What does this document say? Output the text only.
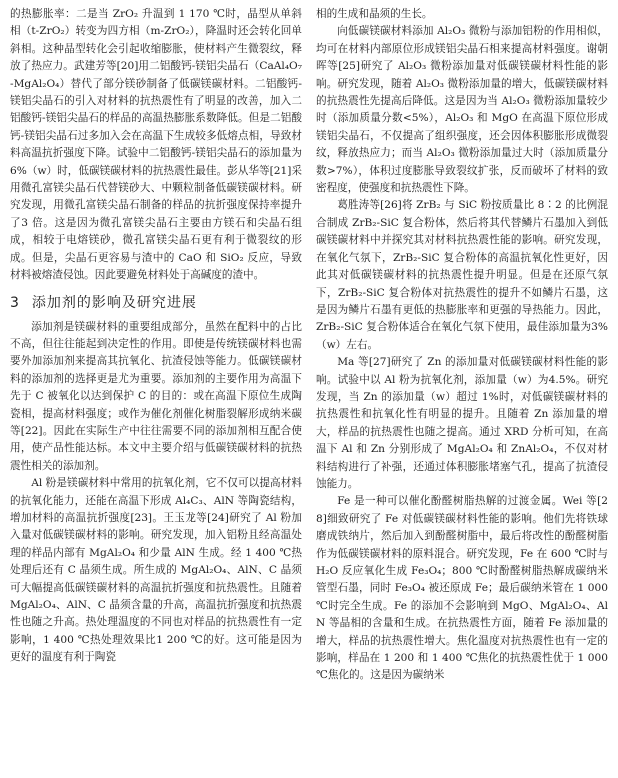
的热膨胀率：二是当 ZrO₂ 升温到 1 170 ℃时，晶型从单斜相（t-ZrO₂）转变为四方相（m-ZrO₂），降温时还会转化回单斜相。这种晶型转化会引起收缩膨胀，使材料产生微裂纹，释放了热应力。武建芳等[20]用二铝酸钙-镁铝尖晶石（CaAl₄O₇-MgAl₂O₄）替代了部分镁砂制备了低碳镁碳材料。二铝酸钙-镁铝尖晶石的引入对材料的抗热震性有了明显的改善，加入二铝酸钙-镁铝尖晶石的样品的高温热膨胀系数降低。但是二铝酸钙-镁铝尖晶石过多加入会在高温下生成较多低熔点相，导致材料高温抗折强度下降。试验中二铝酸钙-镁铝尖晶石的添加量为6%（w）时，低碳镁碳材料的抗热震性最佳。彭从华等[21]采用微孔富镁尖晶石代替镁砂大、中颗粒制备低碳镁碳材料。研究发现，用微孔富镁尖晶石制备的样品的抗折强度保持率提升了3 倍。这是因为微孔富镁尖晶石主要由方镁石和尖晶石组成，相较于电熔镁砂，微孔富镁尖晶石更有利于微裂纹的形成。但是，尖晶石更容易与渣中的 CaO 和 SiO₂ 反应，导致材料被熔渣侵蚀。因此要避免材料处于高碱度的渣中。

3 添加剂的影响及研究进展

添加剂是镁碳材料的重要组成部分，虽然在配料中的占比不高，但往往能起到决定性的作用。即使是传统镁碳材料也需要外加添加剂来提高其抗氧化、抗渣侵蚀等能力。低碳镁碳材料的添加剂的选择更是尤为重要。添加剂的主要作用为高温下先于 C 被氧化以达到保护 C 的目的：或在高温下原位生成陶瓷相，提高材料强度；或作为催化剂催化树脂裂解形成纳米碳等[22]。因此在实际生产中往往需要不同的添加剂相互配合使用，使产品性能达标。本文中主要介绍与低碳镁碳材料的抗热震性相关的添加剂。

Al 粉是镁碳材料中常用的抗氧化剂，它不仅可以提高材料的抗氧化能力，还能在高温下形成 Al₄C₃、AlN 等陶瓷结构，增加材料的高温抗折强度[23]。王玉龙等[24]研究了 Al 粉加入量对低碳镁碳材料的影响。研究发现，加入铝粉且经高温处理的样品内部有 MgAl₂O₄ 和少量 AlN 生成。经 1 400 ℃热处理后还有 C 晶须生成。所生成的 MgAl₂O₄、AlN、C 晶须可大幅提高低碳镁碳材料的高温抗折强度和抗热震性。且随着 MgAl₂O₄、AlN、C 晶须含量的升高，高温抗折强度和抗热震性也随之升高。热处理温度的不同也对样品的抗热震性有一定影响，1 400 ℃热处理效果比1 200 ℃的好。这可能是因为更好的温度有利于陶瓷

相的生成和晶须的生长。

向低碳镁碳材料添加 Al₂O₃ 微粉与添加铝粉的作用相似，均可在材料内部原位形成镁铝尖晶石相来提高材料强度。谢朝晖等[25]研究了 Al₂O₃ 微粉添加量对低碳镁碳材料性能的影响。研究发现，随着 Al₂O₃ 微粉添加量的增大，低碳镁碳材料的抗热震性先提高后降低。这是因为当 Al₂O₃ 微粉添加量较少时（添加质量分数<5%），Al₂O₃ 和 MgO 在高温下原位形成镁铝尖晶石，不仅提高了组织强度，还会因体积膨胀形成微裂纹，释放热应力；而当 Al₂O₃ 微粉添加量过大时（添加质量分数>7%），体积过度膨胀导致裂纹扩张，反而破坏了材料的致密程度，使强度和抗热震性下降。

葛胜涛等[26]将 ZrB₂ 与 SiC 粉按质量比 8∶2 的比例混合制成 ZrB₂-SiC 复合粉体，然后将其代替鳞片石墨加入到低碳镁碳材料中并探究其对材料抗热震性能的影响。研究发现，在氧化气氛下，ZrB₂-SiC 复合粉体的高温抗氧化性更好，因此其对低碳镁碳材料的抗热震性提升明显。但是在还原气氛下，ZrB₂-SiC 复合粉体对抗热震性的提升不如鳞片石墨，这是因为鳞片石墨有更低的热膨胀率和更强的导热能力。因此，ZrB₂-SiC 复合粉体适合在氧化气氛下使用，最佳添加量为3%（w）左右。

Ma 等[27]研究了 Zn 的添加量对低碳镁碳材料性能的影响。试验中以 Al 粉为抗氧化剂，添加量（w）为4.5%。研究发现，当 Zn 的添加量（w）超过 1%时，对低碳镁碳材料的抗热震性和抗氧化性有明显的提升。且随着 Zn 添加量的增大，样品的抗热震性也随之提高。通过 XRD 分析可知，在高温下 Al 和 Zn 分别形成了 MgAl₂O₄ 和 ZnAl₂O₄，不仅对材料结构进行了补强，还通过体积膨胀堵塞气孔，提高了抗渣侵蚀能力。

Fe 是一种可以催化酚醛树脂热解的过渡金属。Wei 等[28]细致研究了 Fe 对低碳镁碳材料性能的影响。他们先将铁球磨成铁纳片，然后加入到酚醛树脂中，最后将改性的酚醛树脂作为低碳镁碳材料的原料混合。研究发现，Fe 在 600 ℃时与 H₂O 反应氧化生成 Fe₃O₄；800 ℃时酚醛树脂热解成碳纳米管型石墨，同时 Fe₃O₄ 被还原成 Fe；最后碳纳米管在 1 000 ℃时完全生成。Fe 的添加不会影响到 MgO、MgAl₂O₄、AlN 等晶相的含量和生成。在抗热震性方面，随着 Fe 添加量的增大，样品的抗热震性增大。焦化温度对抗热震性也有一定的影响，样品在 1 200 和 1 400 ℃焦化的抗热震性优于 1 000 ℃焦化的。这是因为碳纳米
